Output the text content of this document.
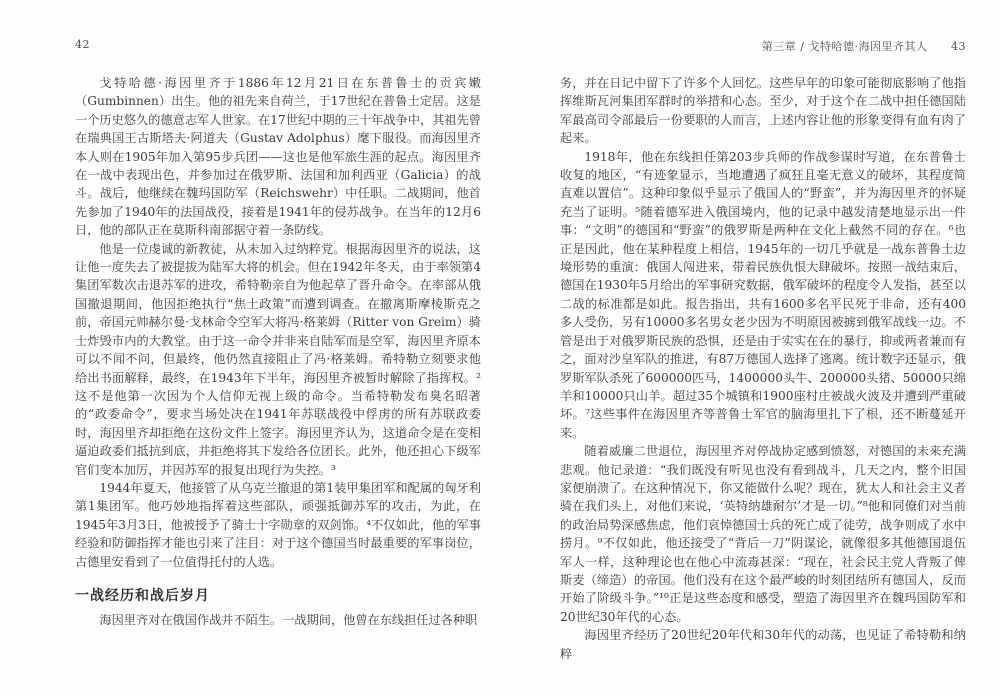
42

戈特哈德·海因里齐于1886年12月21日在东普鲁士的贡宾嫩（Gumbinnen）出生。他的祖先来自荷兰，于17世纪在普鲁士定居。这是一个历史悠久的德意志军人世家。在17世纪中期的三十年战争中，其祖先曾在瑞典国王古斯塔夫·阿道夫（Gustav Adolphus）麾下服役。而海因里齐本人则在1905年加入第95步兵团——这也是他军旅生涯的起点。海因里齐在一战中表现出色，并参加过在俄罗斯、法国和加利西亚（Galicia）的战斗。战后，他继续在魏玛国防军（Reichswehr）中任职。二战期间，他首先参加了1940年的法国战役，接着是1941年的侵苏战争。在当年的12月6日，他的部队正在莫斯科南部据守着一条防线。

他是一位虔诚的新教徒，从未加入过纳粹党。根据海因里齐的说法，这让他一度失去了被提拔为陆军大将的机会。但在1942年冬天，由于率领第4集团军数次击退苏军的进攻，希特勒亲自为他起草了晋升命令。在率部从俄国撤退期间，他因拒绝执行“焦土政策”而遭到调查。在撤离斯摩棱斯克之前，帝国元帅赫尔曼·戈林命令空军大将冯·格莱姆（Ritter von Greim）骑士炸毁市内的大教堂。由于这一命令并非来自陆军而是空军，海因里齐原本可以不闻不问，但最终，他仍然直接阻止了冯·格莱姆。希特勒立刻要求他给出书面解释，最终，在1943年下半年，海因里齐被暂时解除了指挥权。²这不是他第一次因为个人信仰无视上级的命令。当希特勒发布臭名昭著的“政委命令”，要求当场处决在1941年苏联战役中俘虏的所有苏联政委时，海因里齐却拒绝在这份文件上签字。海因里齐认为，这道命令是在变相逼迫政委们抵抗到底，并拒绝将其下发给各位团长。此外，他还担心下级军官们变本加厉，并因苏军的报复出现行为失控。³

1944年夏天，他接管了从乌克兰撤退的第1装甲集团军和配属的匈牙利第1集团军。他巧妙地指挥着这些部队，顽强抵御苏军的攻击，为此，在1945年3月3日，他被授予了骑士十字勋章的双剑饰。⁴不仅如此，他的军事经验和防御指挥才能也引来了注目：对于这个德国当时最重要的军事岗位，古德里安看到了一位值得托付的人选。

一战经历和战后岁月

海因里齐对在俄国作战并不陌生。一战期间，他曾在东线担任过各种职

第三章 / 戈特哈德·海因里齐其人 43

务，并在日记中留下了许多个人回忆。这些早年的印象可能彻底影响了他指挥维斯瓦河集团军群时的举措和心态。至少，对于这个在二战中担任德国陆军最高司令部最后一份要职的人而言，上述内容让他的形象变得有血有肉了起来。

1918年，他在东线担任第203步兵师的作战参谋时写道，在东普鲁士收复的地区，“有迹象显示，当地遭遇了疯狂且毫无意义的破坏，其程度简直难以置信”。这种印象似乎显示了俄国人的“野蛮”，并为海因里齐的怀疑充当了证明。⁵随着德军进入俄国境内，他的记录中越发清楚地显示出一件事：“文明”的德国和“野蛮”的俄罗斯是两种在文化上截然不同的存在。⁶也正是因此，他在某种程度上相信，1945年的一切几乎就是一战东普鲁士边境形势的重演：俄国人闯进来，带着民族仇恨大肆破坏。按照一战结束后，德国在1930年5月给出的军事研究数据，俄军破坏的程度令人发指，甚至以二战的标准都是如此。报告指出，共有1600多名平民死于非命，还有400多人受伤，另有10000多名男女老少因为不明原因被掳到俄军战线一边。不管是出于对俄罗斯民族的恐惧，还是由于实实在在的暴行，抑或两者兼而有之，面对沙皇军队的推进，有87万德国人选择了逃离。统计数字还显示，俄罗斯军队杀死了600000匹马，1400000头牛、200000头猪、50000只绵羊和10000只山羊。超过35个城镇和1900座村庄被战火波及并遭到严重破坏。⁷这些事件在海因里齐等普鲁士军官的脑海里扎下了根，还不断蔓延开来。

随着威廉二世退位，海因里齐对停战协定感到愤怒，对德国的未来充满悲观。他记录道：“我们既没有听见也没有看到战斗，几天之内，整个旧国家便崩溃了。在这种情况下，你又能做什么呢？现在，犹太人和社会主义者骑在我们头上，对他们来说，‘英特纳雄耐尔’才是一切。”⁸他和同僚们对当前的政治局势深感焦虑，他们哀悼德国士兵的死亡成了徒劳，战争则成了水中捞月。⁹不仅如此，他还接受了“背后一刀”阴谋论，就像很多其他德国退伍军人一样，这种理论也在他心中流毒甚深：“现在，社会民主党人背叛了俾斯麦（缔造）的帝国。他们没有在这个最严峻的时刻团结所有德国人，反而开始了阶级斗争。”¹⁰正是这些态度和感受，塑造了海因里齐在魏玛国防军和20世纪30年代的心态。

海因里齐经历了20世纪20年代和30年代的动荡，也见证了希特勒和纳粹
